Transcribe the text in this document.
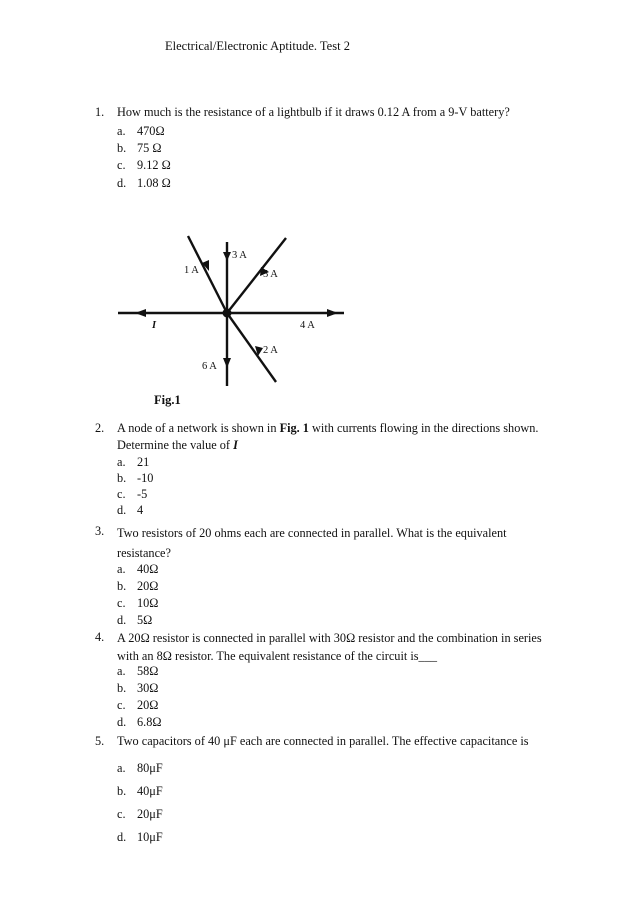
Electrical/Electronic Aptitude. Test 2
1. How much is the resistance of a lightbulb if it draws 0.12 A from a 9-V battery?
a. 470Ω
b. 75 Ω
c. 9.12 Ω
d. 1.08 Ω
3 A
1 A	5 A
I	4 A
2 A
6 A
Fig.1
2. A node of a network is shown in Fig. 1 with currents flowing in the directions shown. Determine the value of I
a. 21
b. -10
c. -5
d. 4
3. Two resistors of 20 ohms each are connected in parallel. What is the equivalent resistance?
a. 40Ω
b. 20Ω
c. 10Ω
d. 5Ω
4. A 20Ω resistor is connected in parallel with 30Ω resistor and the combination in series with an 8Ω resistor. The equivalent resistance of the circuit is___
a. 58Ω
b. 30Ω
c. 20Ω
d. 6.8Ω
5. Two capacitors of 40 μF each are connected in parallel. The effective capacitance is
a. 80μF
b. 40μF
c. 20μF
d. 10μF
